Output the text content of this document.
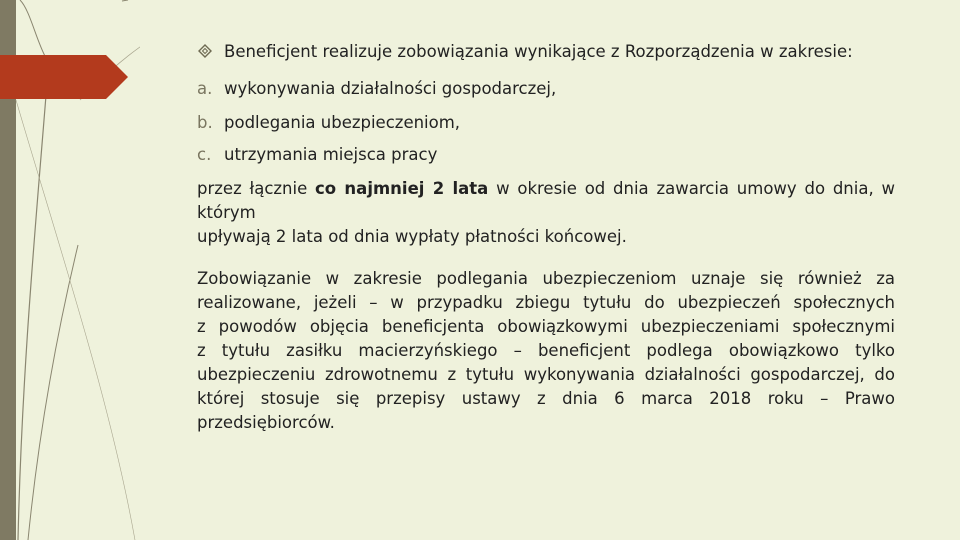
Beneficjent realizuje zobowiązania wynikające z Rozporządzenia w zakresie:
a. wykonywania działalności gospodarczej,
b. podlegania ubezpieczeniom,
c. utrzymania miejsca pracy
przez łącznie co najmniej 2 lata w okresie od dnia zawarcia umowy do dnia, w którym
upływają 2 lata od dnia wypłaty płatności końcowej.
Zobowiązanie w zakresie podlegania ubezpieczeniom uznaje się również za
realizowane, jeżeli – w przypadku zbiegu tytułu do ubezpieczeń społecznych
z powodów objęcia beneficjenta obowiązkowymi ubezpieczeniami społecznymi
z tytułu zasiłku macierzyńskiego – beneficjent podlega obowiązkowo tylko
ubezpieczeniu zdrowotnemu z tytułu wykonywania działalności gospodarczej, do
której stosuje się przepisy ustawy z dnia 6 marca 2018 roku – Prawo przedsiębiorców.
